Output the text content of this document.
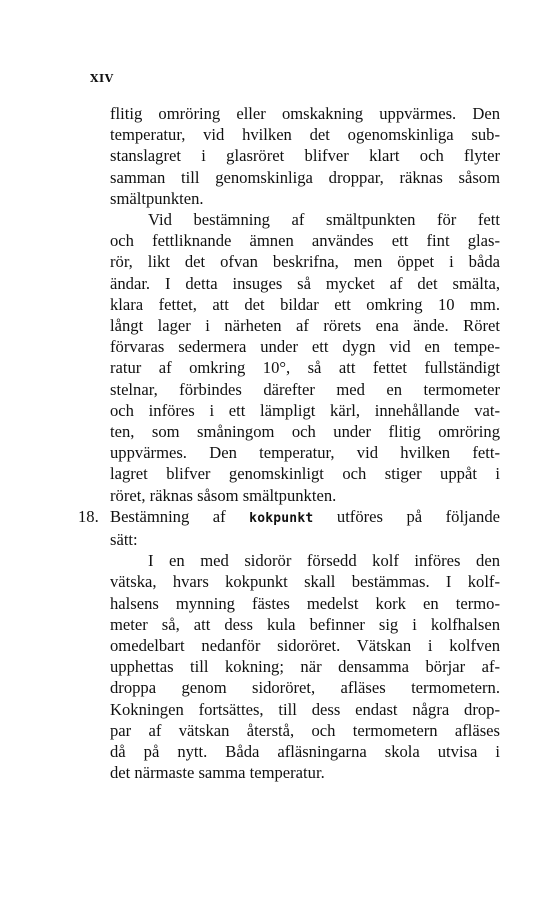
XIV
flitig omröring eller omskakning uppvärmes. Den
temperatur, vid hvilken det ogenomskinliga sub-
stanslagret i glasröret blifver klart och flyter
samman till genomskinliga droppar, räknas såsom
smältpunkten.
Vid bestämning af smältpunkten för fett
och fettliknande ämnen användes ett fint glas-
rör, likt det ofvan beskrifna, men öppet i båda
ändar. I detta insuges så mycket af det smälta,
klara fettet, att det bildar ett omkring 10 mm.
långt lager i närheten af rörets ena ände. Röret
förvaras sedermera under ett dygn vid en tempe-
ratur af omkring 10°, så att fettet fullständigt
stelnar, förbindes därefter med en termometer
och införes i ett lämpligt kärl, innehållande vat-
ten, som småningom och under flitig omröring
uppvärmes. Den temperatur, vid hvilken fett-
lagret blifver genomskinligt och stiger uppåt i
röret, räknas såsom smältpunkten.
18. Bestämning af kokpunkt utföres på följande
sätt:
I en med sidorör försedd kolf införes den
vätska, hvars kokpunkt skall bestämmas. I kolf-
halsens mynning fästes medelst kork en termo-
meter så, att dess kula befinner sig i kolfhalsen
omedelbart nedanför sidoröret. Vätskan i kolfven
upphettas till kokning; när densamma börjar af-
droppa genom sidoröret, afläses termometern.
Kokningen fortsättes, till dess endast några drop-
par af vätskan återstå, och termometern afläses
då på nytt. Båda afläsningarna skola utvisa i
det närmaste samma temperatur.
